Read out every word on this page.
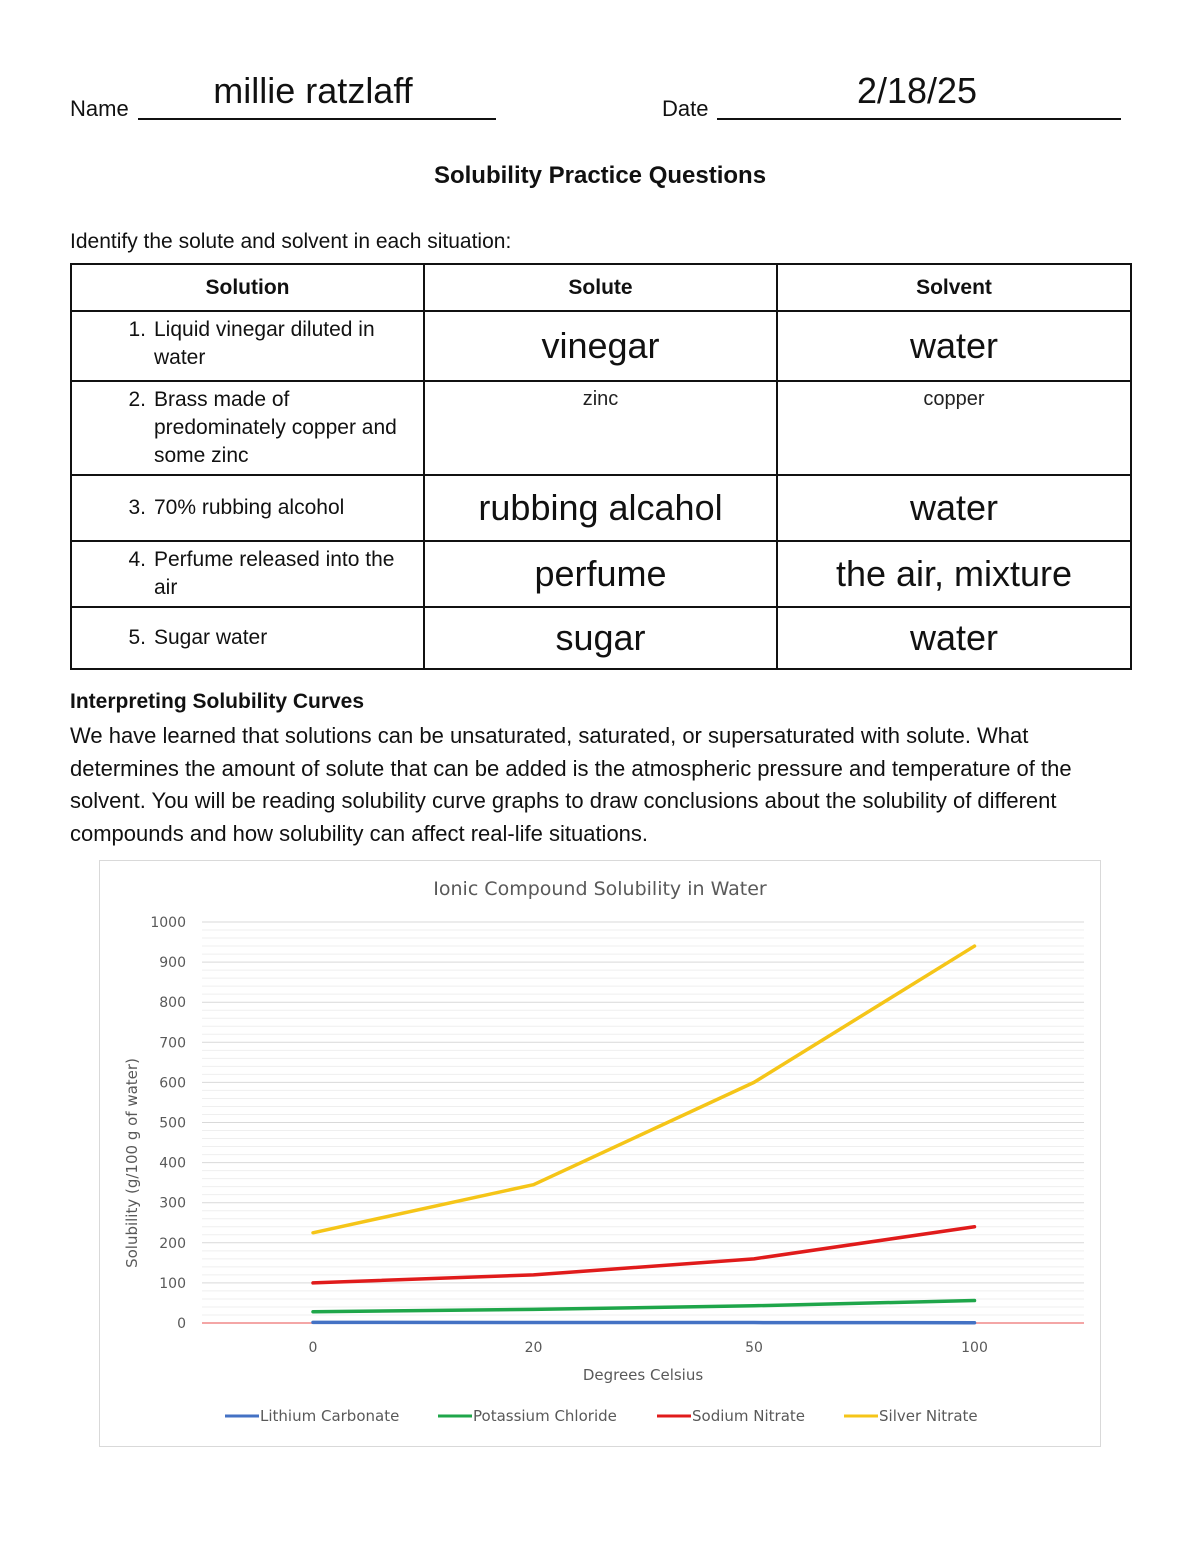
Name	millie ratzlaff	Date	2/18/25
Solubility Practice Questions
Identify the solute and solvent in each situation:
Solution	Solute	Solvent
1. Liquid vinegar diluted in water	vinegar	water
2. Brass made of predominately copper and some zinc	zinc	copper
3. 70% rubbing alcohol	rubbing alcahol	water
4. Perfume released into the air	perfume	the air, mixture
5. Sugar water	sugar	water
Interpreting Solubility Curves
We have learned that solutions can be unsaturated, saturated, or supersaturated with solute. What determines the amount of solute that can be added is the atmospheric pressure and temperature of the solvent. You will be reading solubility curve graphs to draw conclusions about the solubility of different compounds and how solubility can affect real-life situations.
Ionic Compound Solubility in Water
0
100
200
300
400
500
600
700
800
900
1000
0	20	50	100
Solubility (g/100 g of water)
Degrees Celsius
Lithium Carbonate	Potassium Chloride	Sodium Nitrate	Silver Nitrate
